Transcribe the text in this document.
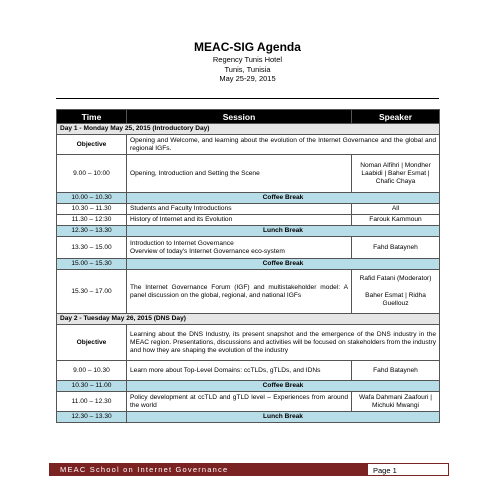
MEAC-SIG Agenda
Regency Tunis Hotel
Tunis, Tunisia
May 25-29, 2015
Time	Session	Speaker
Day 1 - Monday May 25, 2015 (Introductory Day)		
Objective	Opening and Welcome, and learning about the evolution of the Internet Governance and the global and regional IGFs.	
9.00 – 10:00	Opening, Introduction and Setting the Scene	Noman Alfihri | Mondher Laabidi | Baher Esmat | Chafic Chaya
10.00 – 10.30	Coffee Break	
10.30 – 11.30	Students and Faculty Introductions	All
11.30 – 12:30	History of Internet and its Evolution	Farouk Kammoun
12.30 – 13.30	Lunch Break	
13.30 – 15.00	Introduction to Internet Governance
Overview of today's Internet Governance eco-system	Fahd Batayneh
15.00 – 15.30	Coffee Break	
15.30 – 17.00	The Internet Governance Forum (IGF) and multistakeholder model: A panel discussion on the global, regional, and national IGFs	Rafid Fatani (Moderator)
Baher Esmat | Ridha Guellouz

Day 2 - Tuesday May 26, 2015 (DNS Day)		
Objective	Learning about the DNS Industry, its present snapshot and the emergence of the DNS industry in the MEAC region. Presentations, discussions and activities will be focused on stakeholders from the industry and how they are shaping the evolution of the industry	
9.00 – 10.30	Learn more about Top-Level Domains: ccTLDs, gTLDs, and IDNs	Fahd Batayneh
10.30 – 11.00	Coffee Break	
11.00 – 12.30	Policy development at ccTLD and gTLD level – Experiences from around the world	Wafa Dahmani Zaafouri | Michuki Mwangi
12.30 – 13.30	Lunch Break	
MEAC School on Internet Governance	Page 1
